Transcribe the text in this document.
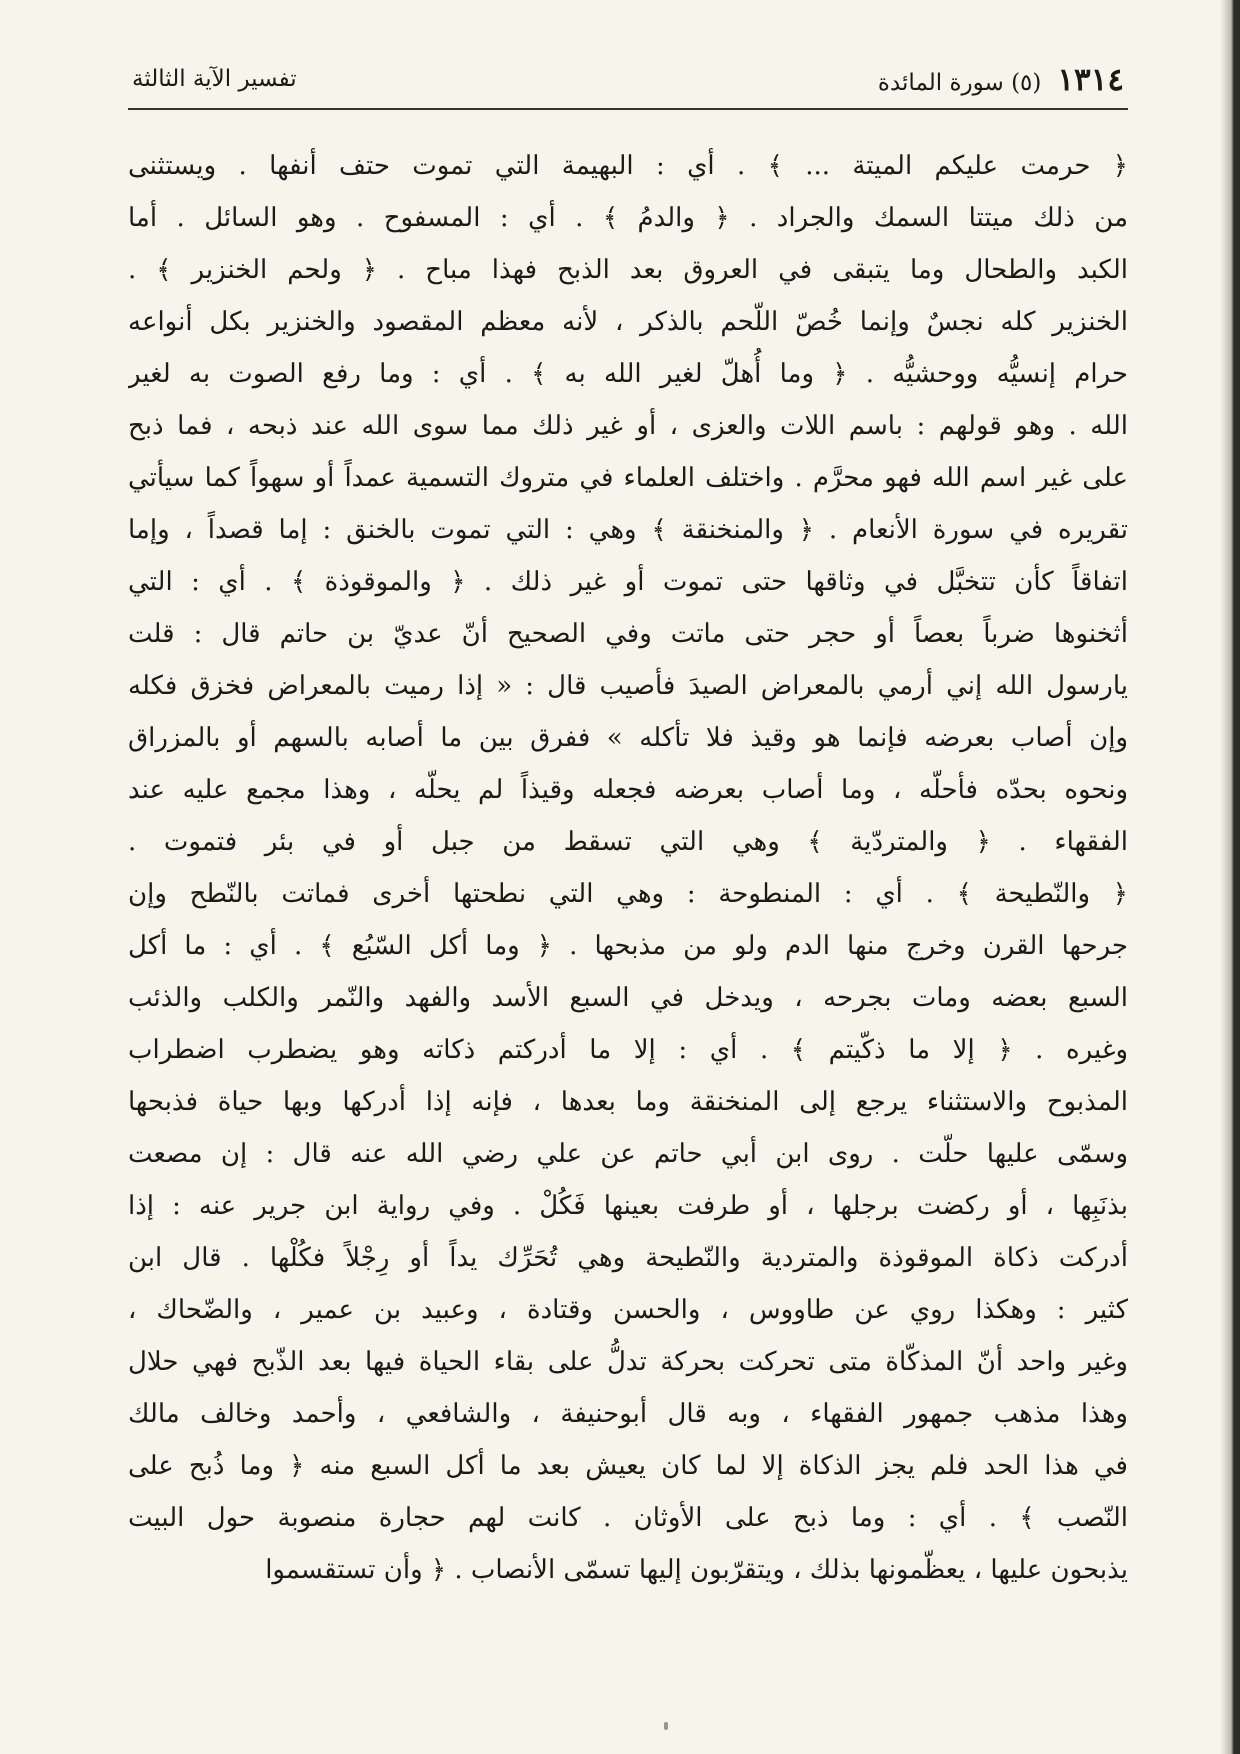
١٣١٤
(٥) سورة المائدة
تفسير الآية الثالثة
﴿ حرمت عليكم الميتة ... ﴾ . أي : البهيمة التي تموت حتف أنفها . ويستثنى
من ذلك ميتتا السمك والجراد . ﴿ والدمُ ﴾ . أي : المسفوح . وهو السائل . أما
الكبد والطحال وما يتبقى في العروق بعد الذبح فهذا مباح . ﴿ ولحم الخنزير ﴾ .
الخنزير كله نجسٌ وإنما خُصّ اللّحم بالذكر ، لأنه معظم المقصود والخنزير بكل أنواعه
حرام إنسيُّه ووحشيُّه . ﴿ وما أُهلّ لغير الله به ﴾ . أي : وما رفع الصوت به لغير
الله . وهو قولهم : باسم اللات والعزى ، أو غير ذلك مما سوى الله عند ذبحه ، فما ذبح
على غير اسم الله فهو محرَّم . واختلف العلماء في متروك التسمية عمداً أو سهواً كما سيأتي
تقريره في سورة الأنعام . ﴿ والمنخنقة ﴾ وهي : التي تموت بالخنق : إما قصداً ، وإما
اتفاقاً كأن تتخبَّل في وثاقها حتى تموت أو غير ذلك . ﴿ والموقوذة ﴾ . أي : التي
أثخنوها ضرباً بعصاً أو حجر حتى ماتت وفي الصحيح أنّ عديّ بن حاتم قال : قلت
يارسول الله إني أرمي بالمعراض الصيدَ فأصيب قال : « إذا رميت بالمعراض فخزق فكله
وإن أصاب بعرضه فإنما هو وقيذ فلا تأكله » ففرق بين ما أصابه بالسهم أو بالمزراق
ونحوه بحدّه فأحلّه ، وما أصاب بعرضه فجعله وقيذاً لم يحلّه ، وهذا مجمع عليه عند
الفقهاء . ﴿ والمتردّية ﴾ وهي التي تسقط من جبل أو في بئر فتموت .
﴿ والنّطيحة ﴾ . أي : المنطوحة : وهي التي نطحتها أخرى فماتت بالنّطح وإن
جرحها القرن وخرج منها الدم ولو من مذبحها . ﴿ وما أكل السّبُع ﴾ . أي : ما أكل
السبع بعضه ومات بجرحه ، ويدخل في السبع الأسد والفهد والنّمر والكلب والذئب
وغيره . ﴿ إلا ما ذكّيتم ﴾ . أي : إلا ما أدركتم ذكاته وهو يضطرب اضطراب
المذبوح والاستثناء يرجع إلى المنخنقة وما بعدها ، فإنه إذا أدركها وبها حياة فذبحها
وسمّى عليها حلّت . روى ابن أبي حاتم عن علي رضي الله عنه قال : إن مصعت
بذنَبِها ، أو ركضت برجلها ، أو طرفت بعينها فَكُلْ . وفي رواية ابن جرير عنه : إذا
أدركت ذكاة الموقوذة والمتردية والنّطيحة وهي تُحَرِّك يداً أو رِجْلاً فكُلْها . قال ابن
كثير : وهكذا روي عن طاووس ، والحسن وقتادة ، وعبيد بن عمير ، والضّحاك ،
وغير واحد أنّ المذكّاة متى تحركت بحركة تدلُّ على بقاء الحياة فيها بعد الذّبح فهي حلال
وهذا مذهب جمهور الفقهاء ، وبه قال أبوحنيفة ، والشافعي ، وأحمد وخالف مالك
في هذا الحد فلم يجز الذكاة إلا لما كان يعيش بعد ما أكل السبع منه ﴿ وما ذُبح على
النّصب ﴾ . أي : وما ذبح على الأوثان . كانت لهم حجارة منصوبة حول البيت
يذبحون عليها ، يعظّمونها بذلك ، ويتقرّبون إليها تسمّى الأنصاب . ﴿ وأن تستقسموا
